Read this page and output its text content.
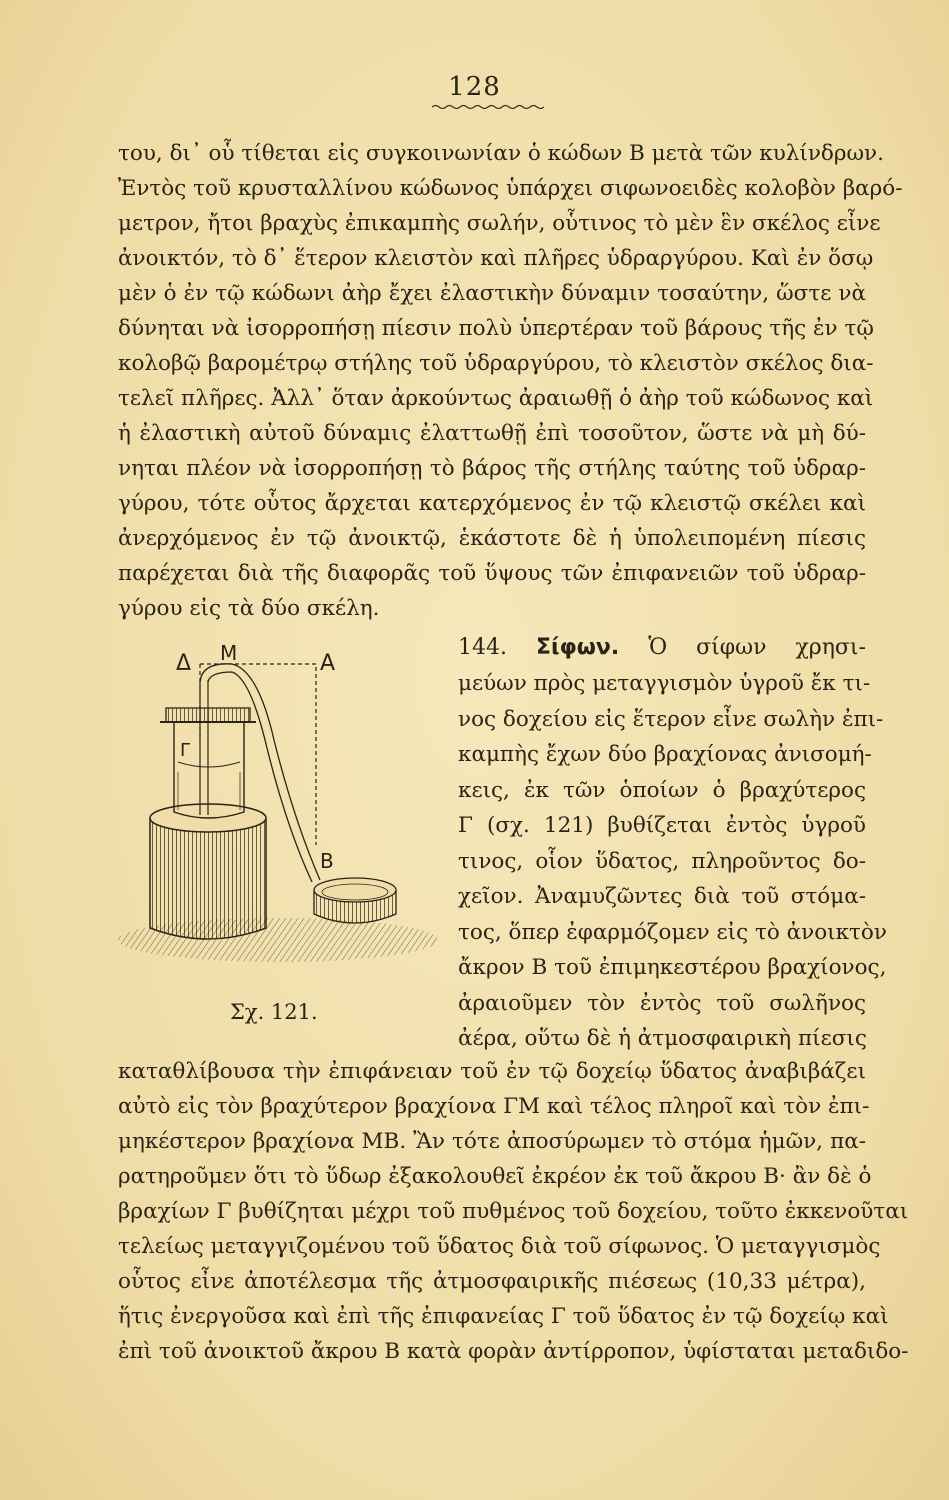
128
του, δι᾽ οὗ τίθεται εἰς συγκοινωνίαν ὁ κώδων Β μετὰ τῶν κυλίνδρων.
Ἐντὸς τοῦ κρυσταλλίνου κώδωνος ὑπάρχει σιφωνοειδὲς κολοβὸν βαρό-
μετρον, ἤτοι βραχὺς ἐπικαμπὴς σωλήν, οὗτινος τὸ μὲν ἓν σκέλος εἶνε
ἀνοικτόν, τὸ δ᾽ ἕτερον κλειστὸν καὶ πλῆρες ὑδραργύρου. Καὶ ἐν ὅσῳ
μὲν ὁ ἐν τῷ κώδωνι ἀὴρ ἔχει ἐλαστικὴν δύναμιν τοσαύτην, ὥστε νὰ
δύνηται νὰ ἰσορροπήσῃ πίεσιν πολὺ ὑπερτέραν τοῦ βάρους τῆς ἐν τῷ
κολοβῷ βαρομέτρῳ στήλης τοῦ ὑδραργύρου, τὸ κλειστὸν σκέλος δια-
τελεῖ πλῆρες. Ἀλλ᾽ ὅταν ἀρκούντως ἀραιωθῇ ὁ ἀὴρ τοῦ κώδωνος καὶ
ἡ ἐλαστικὴ αὐτοῦ δύναμις ἐλαττωθῇ ἐπὶ τοσοῦτον, ὥστε νὰ μὴ δύ-
νηται πλέον νὰ ἰσορροπήσῃ τὸ βάρος τῆς στήλης ταύτης τοῦ ὑδραρ-
γύρου, τότε οὗτος ἄρχεται κατερχόμενος ἐν τῷ κλειστῷ σκέλει καὶ
ἀνερχόμενος ἐν τῷ ἀνοικτῷ, ἑκάστοτε δὲ ἡ ὑπολειπομένη πίεσις
παρέχεται διὰ τῆς διαφορᾶς τοῦ ὕψους τῶν ἐπιφανειῶν τοῦ ὑδραρ-
γύρου εἰς τὰ δύο σκέλη.
144. Σίφων. Ὁ σίφων χρησι-
μεύων πρὸς μεταγγισμὸν ὑγροῦ ἔκ τι-
νος δοχείου εἰς ἕτερον εἶνε σωλὴν ἐπι-
καμπὴς ἔχων δύο βραχίονας ἀνισομή-
κεις, ἐκ τῶν ὁποίων ὁ βραχύτερος
Γ (σχ. 121) βυθίζεται ἐντὸς ὑγροῦ
τινος, οἷον ὕδατος, πληροῦντος δο-
χεῖον. Ἀναμυζῶντες διὰ τοῦ στόμα-
τος, ὅπερ ἐφαρμόζομεν εἰς τὸ ἀνοικτὸν
ἄκρον Β τοῦ ἐπιμηκεστέρου βραχίονος,
ἀραιοῦμεν τὸν ἐντὸς τοῦ σωλῆνος
ἀέρα, οὕτω δὲ ἡ ἀτμοσφαιρικὴ πίεσις
Δ M	A
Γ
B
Σχ. 121.
καταθλίβουσα τὴν ἐπιφάνειαν τοῦ ἐν τῷ δοχείῳ ὕδατος ἀναβιβάζει
αὐτὸ εἰς τὸν βραχύτερον βραχίονα ΓΜ καὶ τέλος πληροῖ καὶ τὸν ἐπι-
μηκέστερον βραχίονα ΜΒ. Ἂν τότε ἀποσύρωμεν τὸ στόμα ἡμῶν, πα-
ρατηροῦμεν ὅτι τὸ ὕδωρ ἐξακολουθεῖ ἐκρέον ἐκ τοῦ ἄκρου Β· ἂν δὲ ὁ
βραχίων Γ βυθίζηται μέχρι τοῦ πυθμένος τοῦ δοχείου, τοῦτο ἐκκενοῦται
τελείως μεταγγιζομένου τοῦ ὕδατος διὰ τοῦ σίφωνος. Ὁ μεταγγισμὸς
οὗτος εἶνε ἀποτέλεσμα τῆς ἀτμοσφαιρικῆς πιέσεως (10,33 μέτρα),
ἥτις ἐνεργοῦσα καὶ ἐπὶ τῆς ἐπιφανείας Γ τοῦ ὕδατος ἐν τῷ δοχείῳ καὶ
ἐπὶ τοῦ ἀνοικτοῦ ἄκρου Β κατὰ φορὰν ἀντίρροπον, ὑφίσταται μεταδιδο-
